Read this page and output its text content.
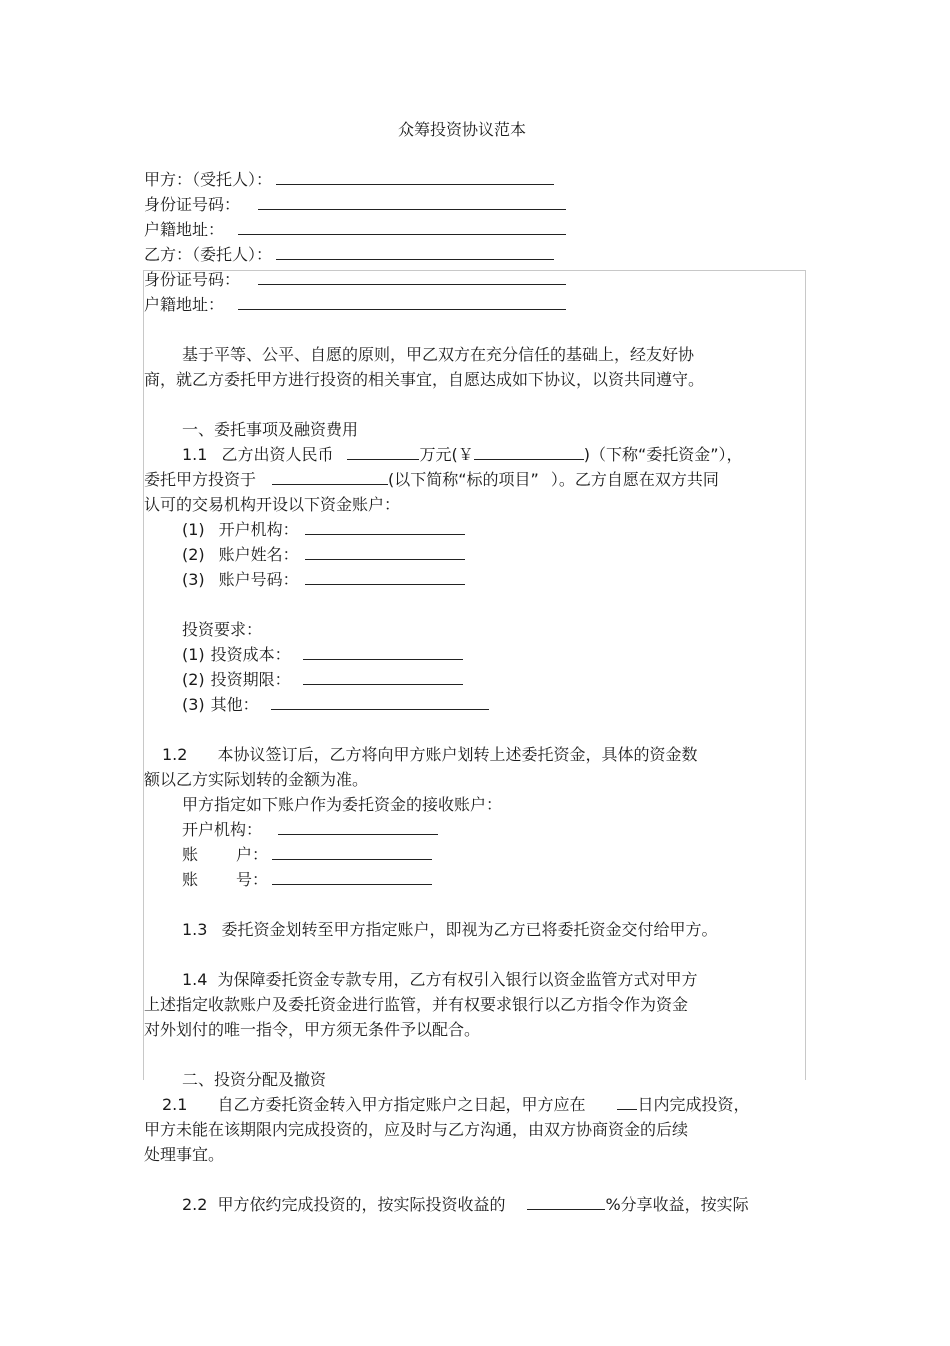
众筹投资协议范本
甲方：（受托人）：
身份证号码：
户籍地址：
乙方：（委托人）：
身份证号码：
户籍地址：
基于平等、公平、自愿的原则，甲乙双方在充分信任的基础上，经友好协
商，就乙方委托甲方进行投资的相关事宜，自愿达成如下协议，以资共同遵守。
一、委托事项及融资费用
1.1 乙方出资人民币	万元(￥	)（下称“委托资金”），
委托甲方投资于	(以下简称“标的项目” ）。乙方自愿在双方共同
认可的交易机构开设以下资金账户：
(1) 开户机构：
(2) 账户姓名：
(3) 账户号码：
投资要求：
(1) 投资成本：
(2) 投资期限：
(3) 其他：
1.2 本协议签订后，乙方将向甲方账户划转上述委托资金，具体的资金数
额以乙方实际划转的金额为准。
甲方指定如下账户作为委托资金的接收账户：
开户机构：
账 户：
账 号：
1.3 委托资金划转至甲方指定账户，即视为乙方已将委托资金交付给甲方。
1.4 为保障委托资金专款专用，乙方有权引入银行以资金监管方式对甲方
上述指定收款账户及委托资金进行监管，并有权要求银行以乙方指令作为资金
对外划付的唯一指令，甲方须无条件予以配合。
二、投资分配及撤资
2.1 自乙方委托资金转入甲方指定账户之日起，甲方应在	日内完成投资，
甲方未能在该期限内完成投资的，应及时与乙方沟通，由双方协商资金的后续
处理事宜。
2.2 甲方依约完成投资的，按实际投资收益的	%分享收益，按实际
